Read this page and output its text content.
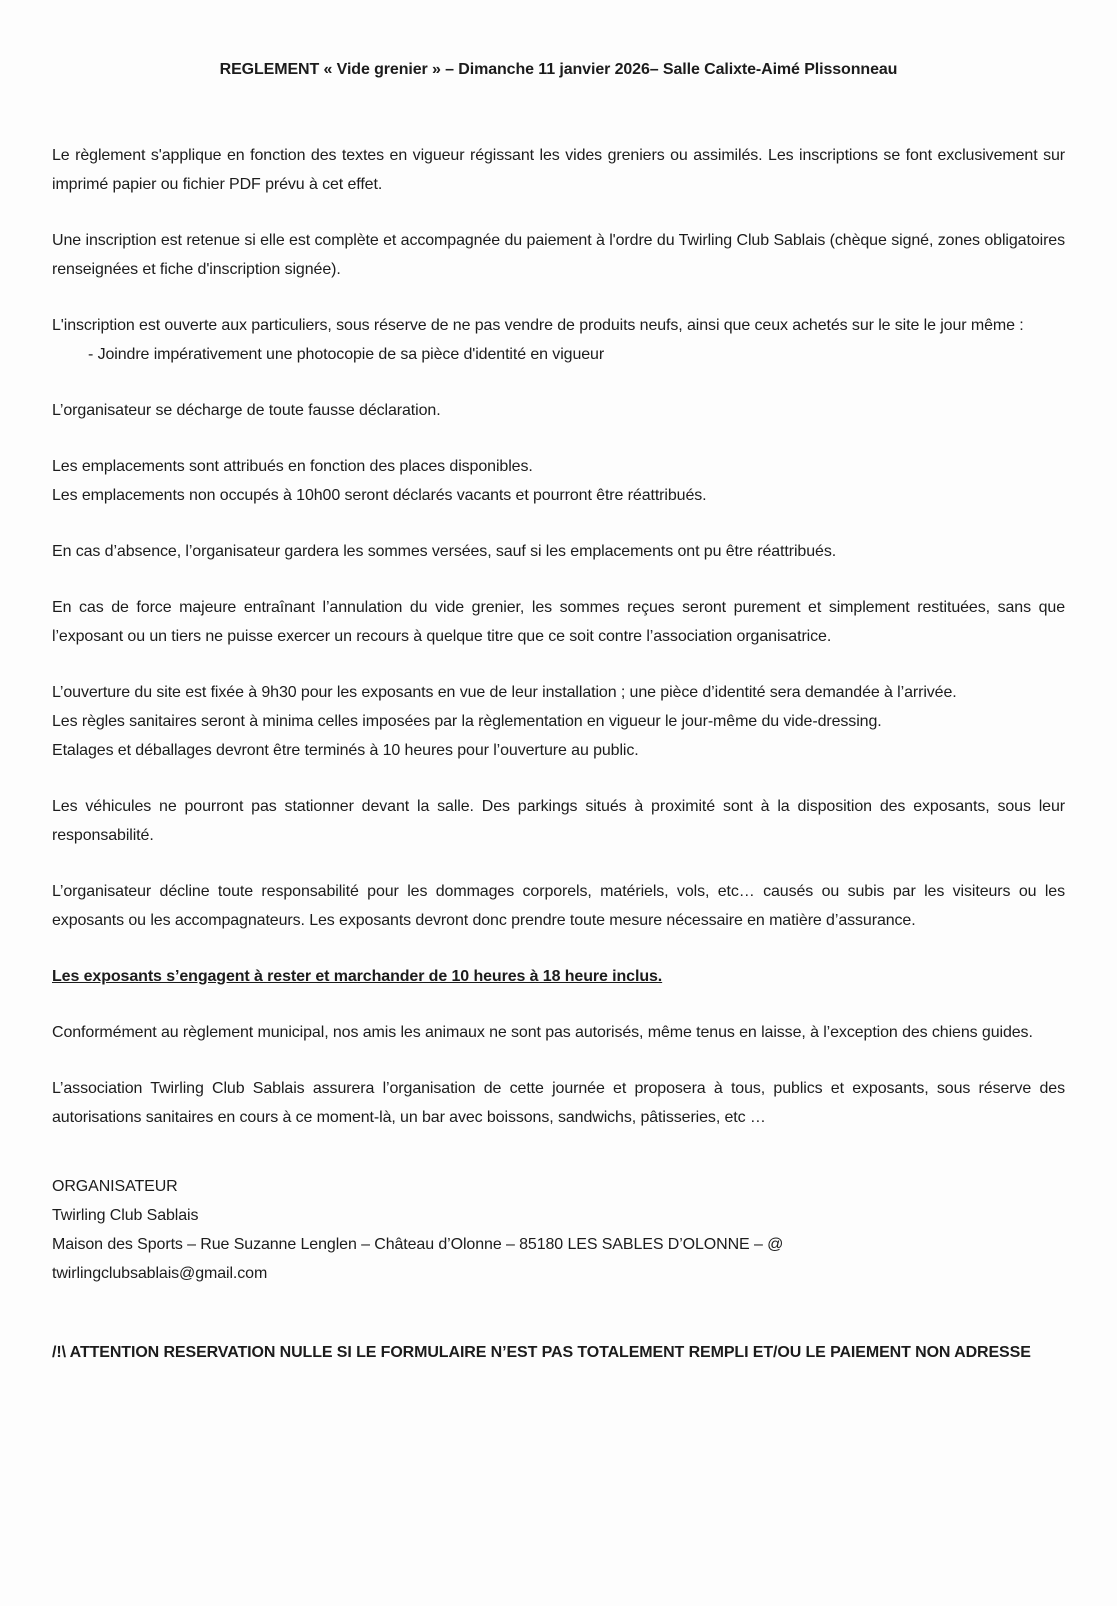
REGLEMENT « Vide grenier » – Dimanche 11 janvier 2026– Salle Calixte-Aimé Plissonneau

Le règlement s'applique en fonction des textes en vigueur régissant les vides greniers ou assimilés. Les inscriptions se font exclusivement sur imprimé papier ou fichier PDF prévu à cet effet.

Une inscription est retenue si elle est complète et accompagnée du paiement à l'ordre du Twirling Club Sablais (chèque signé, zones obligatoires renseignées et fiche d'inscription signée).

L'inscription est ouverte aux particuliers, sous réserve de ne pas vendre de produits neufs, ainsi que ceux achetés sur le site le jour même :
- Joindre impérativement une photocopie de sa pièce d'identité en vigueur

L’organisateur se décharge de toute fausse déclaration.

Les emplacements sont attribués en fonction des places disponibles.
Les emplacements non occupés à 10h00 seront déclarés vacants et pourront être réattribués.

En cas d’absence, l’organisateur gardera les sommes versées, sauf si les emplacements ont pu être réattribués.

En cas de force majeure entraînant l’annulation du vide grenier, les sommes reçues seront purement et simplement restituées, sans que l’exposant ou un tiers ne puisse exercer un recours à quelque titre que ce soit contre l’association organisatrice.

L’ouverture du site est fixée à 9h30 pour les exposants en vue de leur installation ; une pièce d’identité sera demandée à l’arrivée.
Les règles sanitaires seront à minima celles imposées par la règlementation en vigueur le jour-même du vide-dressing.
Etalages et déballages devront être terminés à 10 heures pour l’ouverture au public.

Les véhicules ne pourront pas stationner devant la salle. Des parkings situés à proximité sont à la disposition des exposants, sous leur responsabilité.

L’organisateur décline toute responsabilité pour les dommages corporels, matériels, vols, etc… causés ou subis par les visiteurs ou les exposants ou les accompagnateurs. Les exposants devront donc prendre toute mesure nécessaire en matière d’assurance.

Les exposants s’engagent à rester et marchander de 10 heures à 18 heure inclus.

Conformément au règlement municipal, nos amis les animaux ne sont pas autorisés, même tenus en laisse, à l’exception des chiens guides.

L’association Twirling Club Sablais assurera l’organisation de cette journée et proposera à tous, publics et exposants, sous réserve des autorisations sanitaires en cours à ce moment-là, un bar avec boissons, sandwichs, pâtisseries, etc …

ORGANISATEUR
Twirling Club Sablais
Maison des Sports – Rue Suzanne Lenglen – Château d’Olonne – 85180 LES SABLES D’OLONNE – @
twirlingclubsablais@gmail.com

/!\ ATTENTION RESERVATION NULLE SI LE FORMULAIRE N’EST PAS TOTALEMENT REMPLI ET/OU LE PAIEMENT NON ADRESSE
